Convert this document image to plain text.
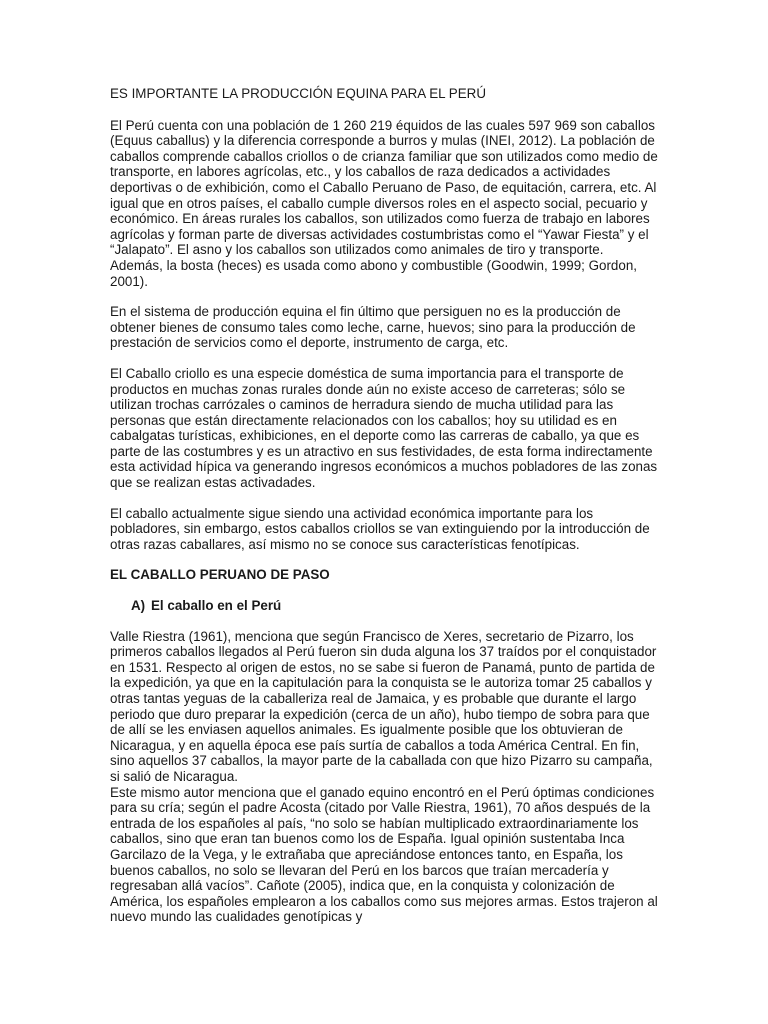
ES IMPORTANTE LA PRODUCCIÓN EQUINA PARA EL PERÚ

El Perú cuenta con una población de 1 260 219 équidos de las cuales 597 969 son caballos (Equus caballus) y la diferencia corresponde a burros y mulas (INEI, 2012). La población de caballos comprende caballos criollos o de crianza familiar que son utilizados como medio de transporte, en labores agrícolas, etc., y los caballos de raza dedicados a actividades deportivas o de exhibición, como el Caballo Peruano de Paso, de equitación, carrera, etc. Al igual que en otros países, el caballo cumple diversos roles en el aspecto social, pecuario y económico. En áreas rurales los caballos, son utilizados como fuerza de trabajo en labores agrícolas y forman parte de diversas actividades costumbristas como el “Yawar Fiesta” y el “Jalapato”. El asno y los caballos son utilizados como animales de tiro y transporte. Además, la bosta (heces) es usada como abono y combustible (Goodwin, 1999; Gordon, 2001).

En el sistema de producción equina el fin último que persiguen no es la producción de obtener bienes de consumo tales como leche, carne, huevos; sino para la producción de prestación de servicios como el deporte, instrumento de carga, etc.

El Caballo criollo es una especie doméstica de suma importancia para el transporte de productos en muchas zonas rurales donde aún no existe acceso de carreteras; sólo se utilizan trochas carrózales o caminos de herradura siendo de mucha utilidad para las personas que están directamente relacionados con los caballos; hoy su utilidad es en cabalgatas turísticas, exhibiciones, en el deporte como las carreras de caballo, ya que es parte de las costumbres y es un atractivo en sus festividades, de esta forma indirectamente esta actividad hípica va generando ingresos económicos a muchos pobladores de las zonas que se realizan estas activadades.

El caballo actualmente sigue siendo una actividad económica importante para los pobladores, sin embargo, estos caballos criollos se van extinguiendo por la introducción de otras razas caballares, así mismo no se conoce sus características fenotípicas.

EL CABALLO PERUANO DE PASO
A) El caballo en el Perú

Valle Riestra (1961), menciona que según Francisco de Xeres, secretario de Pizarro, los primeros caballos llegados al Perú fueron sin duda alguna los 37 traídos por el conquistador en 1531. Respecto al origen de estos, no se sabe si fueron de Panamá, punto de partida de la expedición, ya que en la capitulación para la conquista se le autoriza tomar 25 caballos y otras tantas yeguas de la caballeriza real de Jamaica, y es probable que durante el largo periodo que duro preparar la expedición (cerca de un año), hubo tiempo de sobra para que de allí se les enviasen aquellos animales. Es igualmente posible que los obtuvieran de Nicaragua, y en aquella época ese país surtía de caballos a toda América Central. En fin, sino aquellos 37 caballos, la mayor parte de la caballada con que hizo Pizarro su campaña, si salió de Nicaragua.

Este mismo autor menciona que el ganado equino encontró en el Perú óptimas condiciones para su cría; según el padre Acosta (citado por Valle Riestra, 1961), 70 años después de la entrada de los españoles al país, “no solo se habían multiplicado extraordinariamente los caballos, sino que eran tan buenos como los de España. Igual opinión sustentaba Inca Garcilazo de la Vega, y le extrañaba que apreciándose entonces tanto, en España, los buenos caballos, no solo se llevaran del Perú en los barcos que traían mercadería y regresaban allá vacíos”. Cañote (2005), indica que, en la conquista y colonización de América, los españoles emplearon a los caballos como sus mejores armas. Estos trajeron al nuevo mundo las cualidades genotípicas y
